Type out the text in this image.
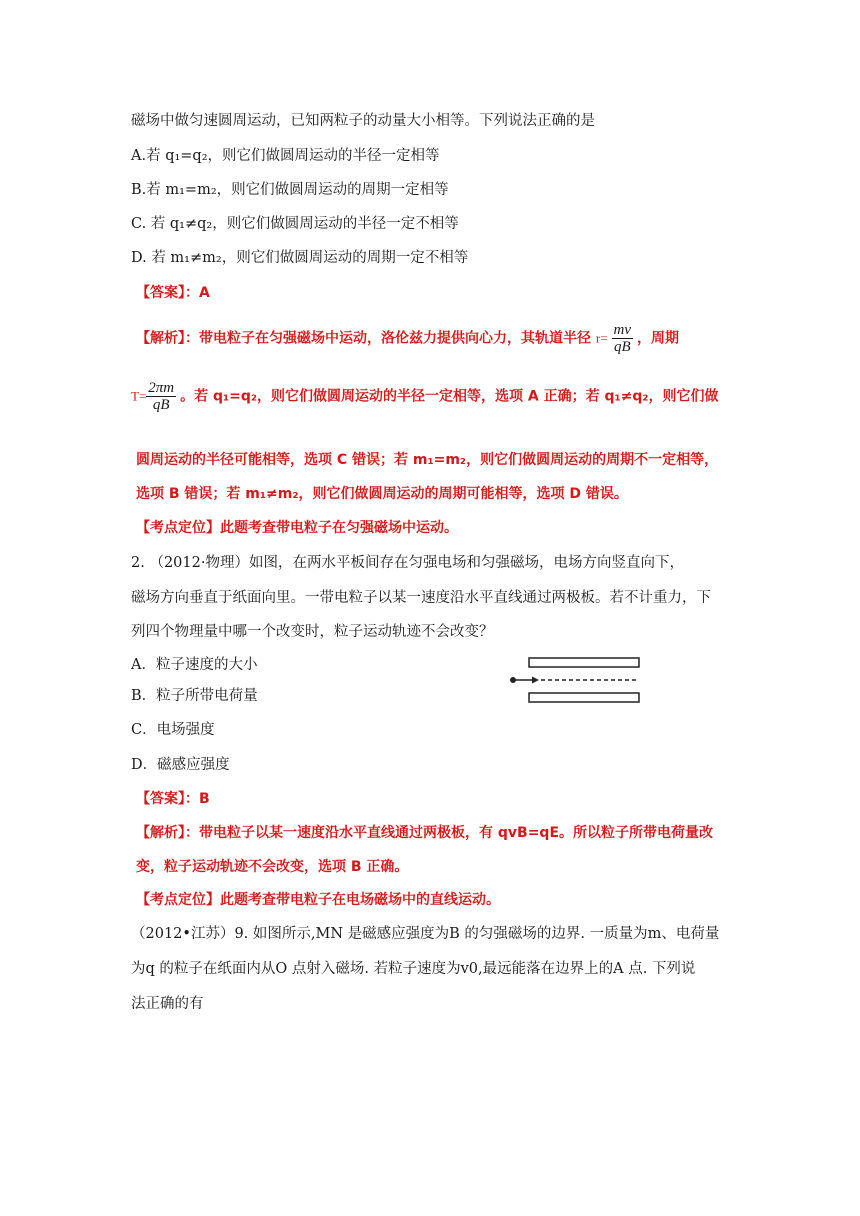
磁场中做匀速圆周运动，已知两粒子的动量大小相等。下列说法正确的是
A.若 q₁=q₂，则它们做圆周运动的半径一定相等
B.若 m₁=m₂，则它们做圆周运动的周期一定相等
C. 若 q₁≠q₂，则它们做圆周运动的半径一定不相等
D. 若 m₁≠m₂，则它们做圆周运动的周期一定不相等
【答案】：A
【解析】：带电粒子在匀强磁场中运动，洛伦兹力提供向心力，其轨道半径 $r= \frac{mv}{qB}$ ，周期
$T= \frac{2\pi m}{qB}$ 。若 q₁=q₂，则它们做圆周运动的半径一定相等，选项 A 正确；若 q₁≠q₂，则它们做
圆周运动的半径可能相等，选项 C 错误；若 m₁=m₂，则它们做圆周运动的周期不一定相等，
选项 B 错误；若 m₁≠m₂，则它们做圆周运动的周期可能相等，选项 D 错误。
【考点定位】此题考查带电粒子在匀强磁场中运动。
2. （2012·物理）如图，在两水平板间存在匀强电场和匀强磁场，电场方向竖直向下，
磁场方向垂直于纸面向里。一带电粒子以某一速度沿水平直线通过两极板。若不计重力，下
列四个物理量中哪一个改变时，粒子运动轨迹不会改变？
A．粒子速度的大小
B．粒子所带电荷量
C．电场强度
D．磁感应强度
【答案】：B
【解析】：带电粒子以某一速度沿水平直线通过两极板，有 qvB=qE。所以粒子所带电荷量改
变，粒子运动轨迹不会改变，选项 B 正确。
【考点定位】此题考查带电粒子在电场磁场中的直线运动。
（2012•江苏）9. 如图所示,MN 是磁感应强度为B 的匀强磁场的边界. 一质量为m、电荷量
为q 的粒子在纸面内从O 点射入磁场. 若粒子速度为v0,最远能落在边界上的A 点. 下列说
法正确的有
